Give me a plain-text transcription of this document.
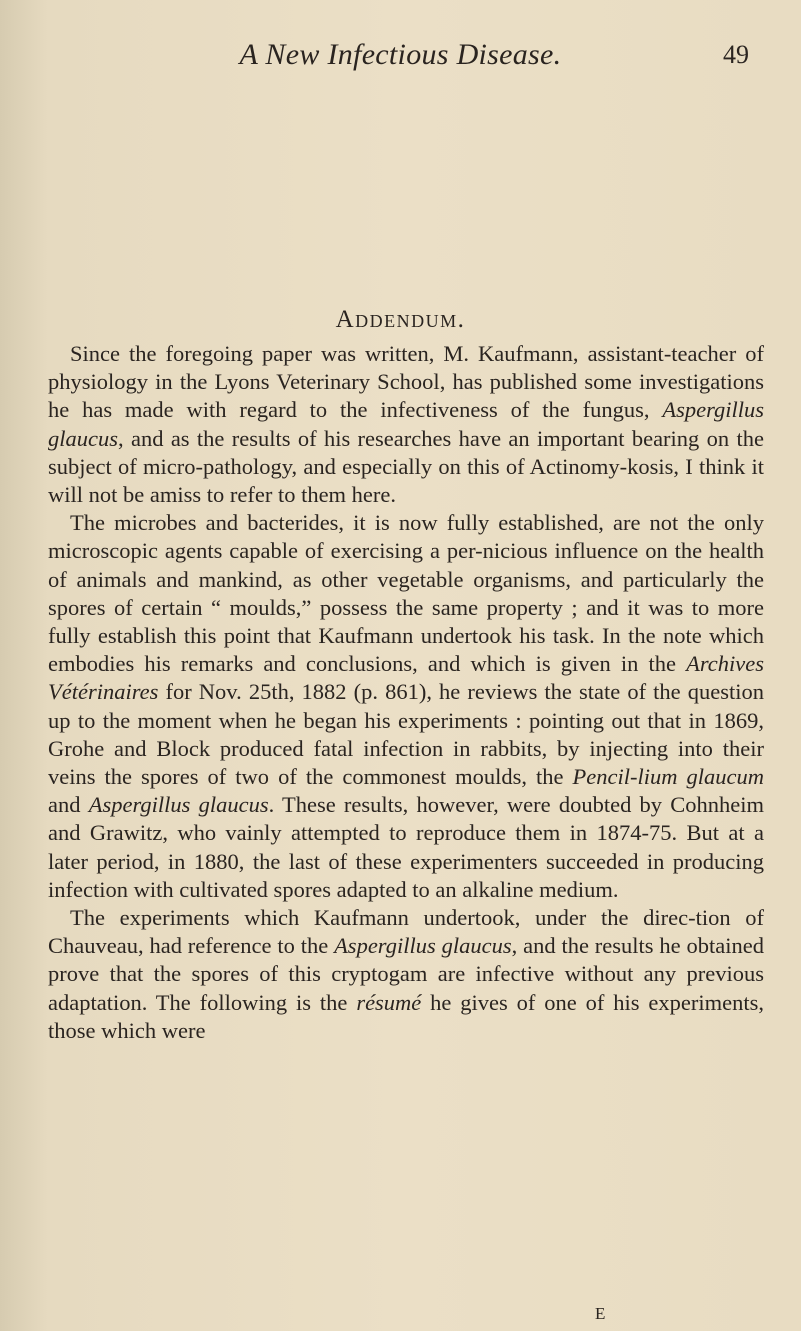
A New Infectious Disease.	49
Addendum.

Since the foregoing paper was written, M. Kaufmann, assistant-teacher of physiology in the Lyons Veterinary School, has published some investigations he has made with regard to the infectiveness of the fungus, Aspergillus glaucus, and as the results of his researches have an important bearing on the subject of micro-pathology, and especially on this of Actinomy-kosis, I think it will not be amiss to refer to them here.

The microbes and bacterides, it is now fully established, are not the only microscopic agents capable of exercising a per-nicious influence on the health of animals and mankind, as other vegetable organisms, and particularly the spores of certain “ moulds,” possess the same property ; and it was to more fully establish this point that Kaufmann undertook his task. In the note which embodies his remarks and conclusions, and which is given in the Archives Vétérinaires for Nov. 25th, 1882 (p. 861), he reviews the state of the question up to the moment when he began his experiments : pointing out that in 1869, Grohe and Block produced fatal infection in rabbits, by injecting into their veins the spores of two of the commonest moulds, the Pencil-lium glaucum and Aspergillus glaucus. These results, however, were doubted by Cohnheim and Grawitz, who vainly attempted to reproduce them in 1874-75. But at a later period, in 1880, the last of these experimenters succeeded in producing infection with cultivated spores adapted to an alkaline medium.

The experiments which Kaufmann undertook, under the direc-tion of Chauveau, had reference to the Aspergillus glaucus, and the results he obtained prove that the spores of this cryptogam are infective without any previous adaptation. The following is the résumé he gives of one of his experiments, those which were

E
